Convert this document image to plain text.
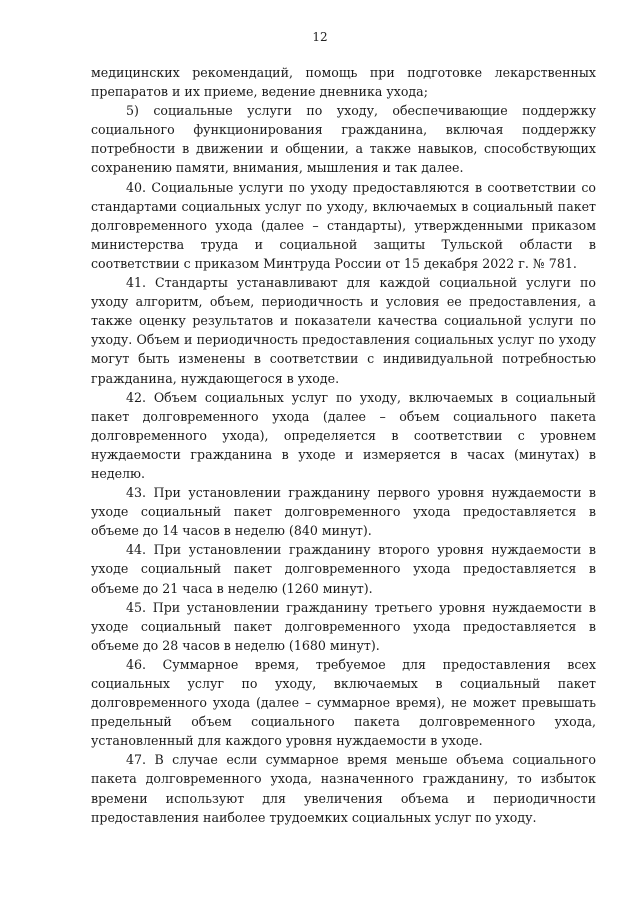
12

медицинских рекомендаций, помощь при подготовке лекарственных препаратов и их приеме, ведение дневника ухода;

5) социальные услуги по уходу, обеспечивающие поддержку социального функционирования гражданина, включая поддержку потребности в движении и общении, а также навыков, способствующих сохранению памяти, внимания, мышления и так далее.

40. Социальные услуги по уходу предоставляются в соответствии со стандартами социальных услуг по уходу, включаемых в социальный пакет долговременного ухода (далее – стандарты), утвержденными приказом министерства труда и социальной защиты Тульской области в соответствии с приказом Минтруда России от 15 декабря 2022 г. № 781.

41. Стандарты устанавливают для каждой социальной услуги по уходу алгоритм, объем, периодичность и условия ее предоставления, а также оценку результатов и показатели качества социальной услуги по уходу. Объем и периодичность предоставления социальных услуг по уходу могут быть изменены в соответствии с индивидуальной потребностью гражданина, нуждающегося в уходе.

42. Объем социальных услуг по уходу, включаемых в социальный пакет долговременного ухода (далее – объем социального пакета долговременного ухода), определяется в соответствии с уровнем нуждаемости гражданина в уходе и измеряется в часах (минутах) в неделю.

43. При установлении гражданину первого уровня нуждаемости в уходе социальный пакет долговременного ухода предоставляется в объеме до 14 часов в неделю (840 минут).

44. При установлении гражданину второго уровня нуждаемости в уходе социальный пакет долговременного ухода предоставляется в объеме до 21 часа в неделю (1260 минут).

45. При установлении гражданину третьего уровня нуждаемости в уходе социальный пакет долговременного ухода предоставляется в объеме до 28 часов в неделю (1680 минут).

46. Суммарное время, требуемое для предоставления всех социальных услуг по уходу, включаемых в социальный пакет долговременного ухода (далее – суммарное время), не может превышать предельный объем социального пакета долговременного ухода, установленный для каждого уровня нуждаемости в уходе.

47. В случае если суммарное время меньше объема социального пакета долговременного ухода, назначенного гражданину, то избыток времени используют для увеличения объема и периодичности предоставления наиболее трудоемких социальных услуг по уходу.
